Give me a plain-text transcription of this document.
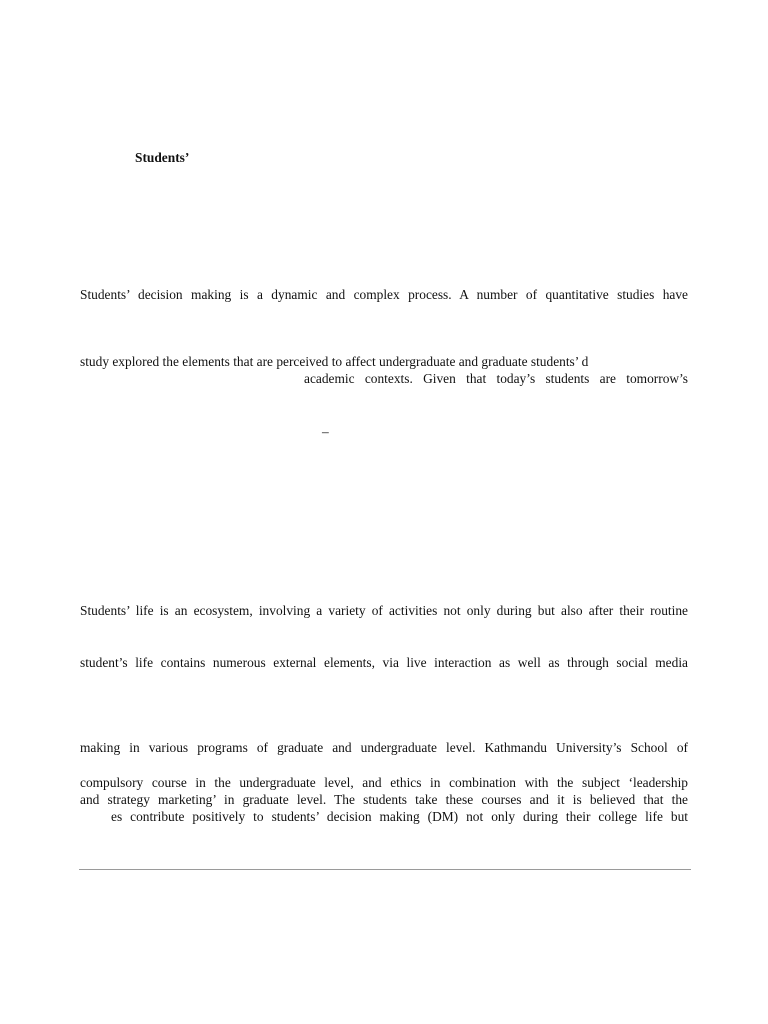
Students’
Students’ decision making is a dynamic and complex process. A number of quantitative studies have
study explored the elements that are perceived to affect undergraduate and graduate students’ d
academic contexts. Given that today’s students are tomorrow’s
–
Students’ life is an ecosystem, involving a variety of activities not only during but also after their routine
student’s life contains numerous external elements, via live interaction as well as through social media
making in various programs of graduate and undergraduate level. Kathmandu University’s School of
compulsory course in the undergraduate level, and ethics in combination with the subject ‘leadership
and strategy marketing’ in graduate level. The students take these courses and it is believed that the
es contribute positively to students’ decision making (DM) not only during their college life but
